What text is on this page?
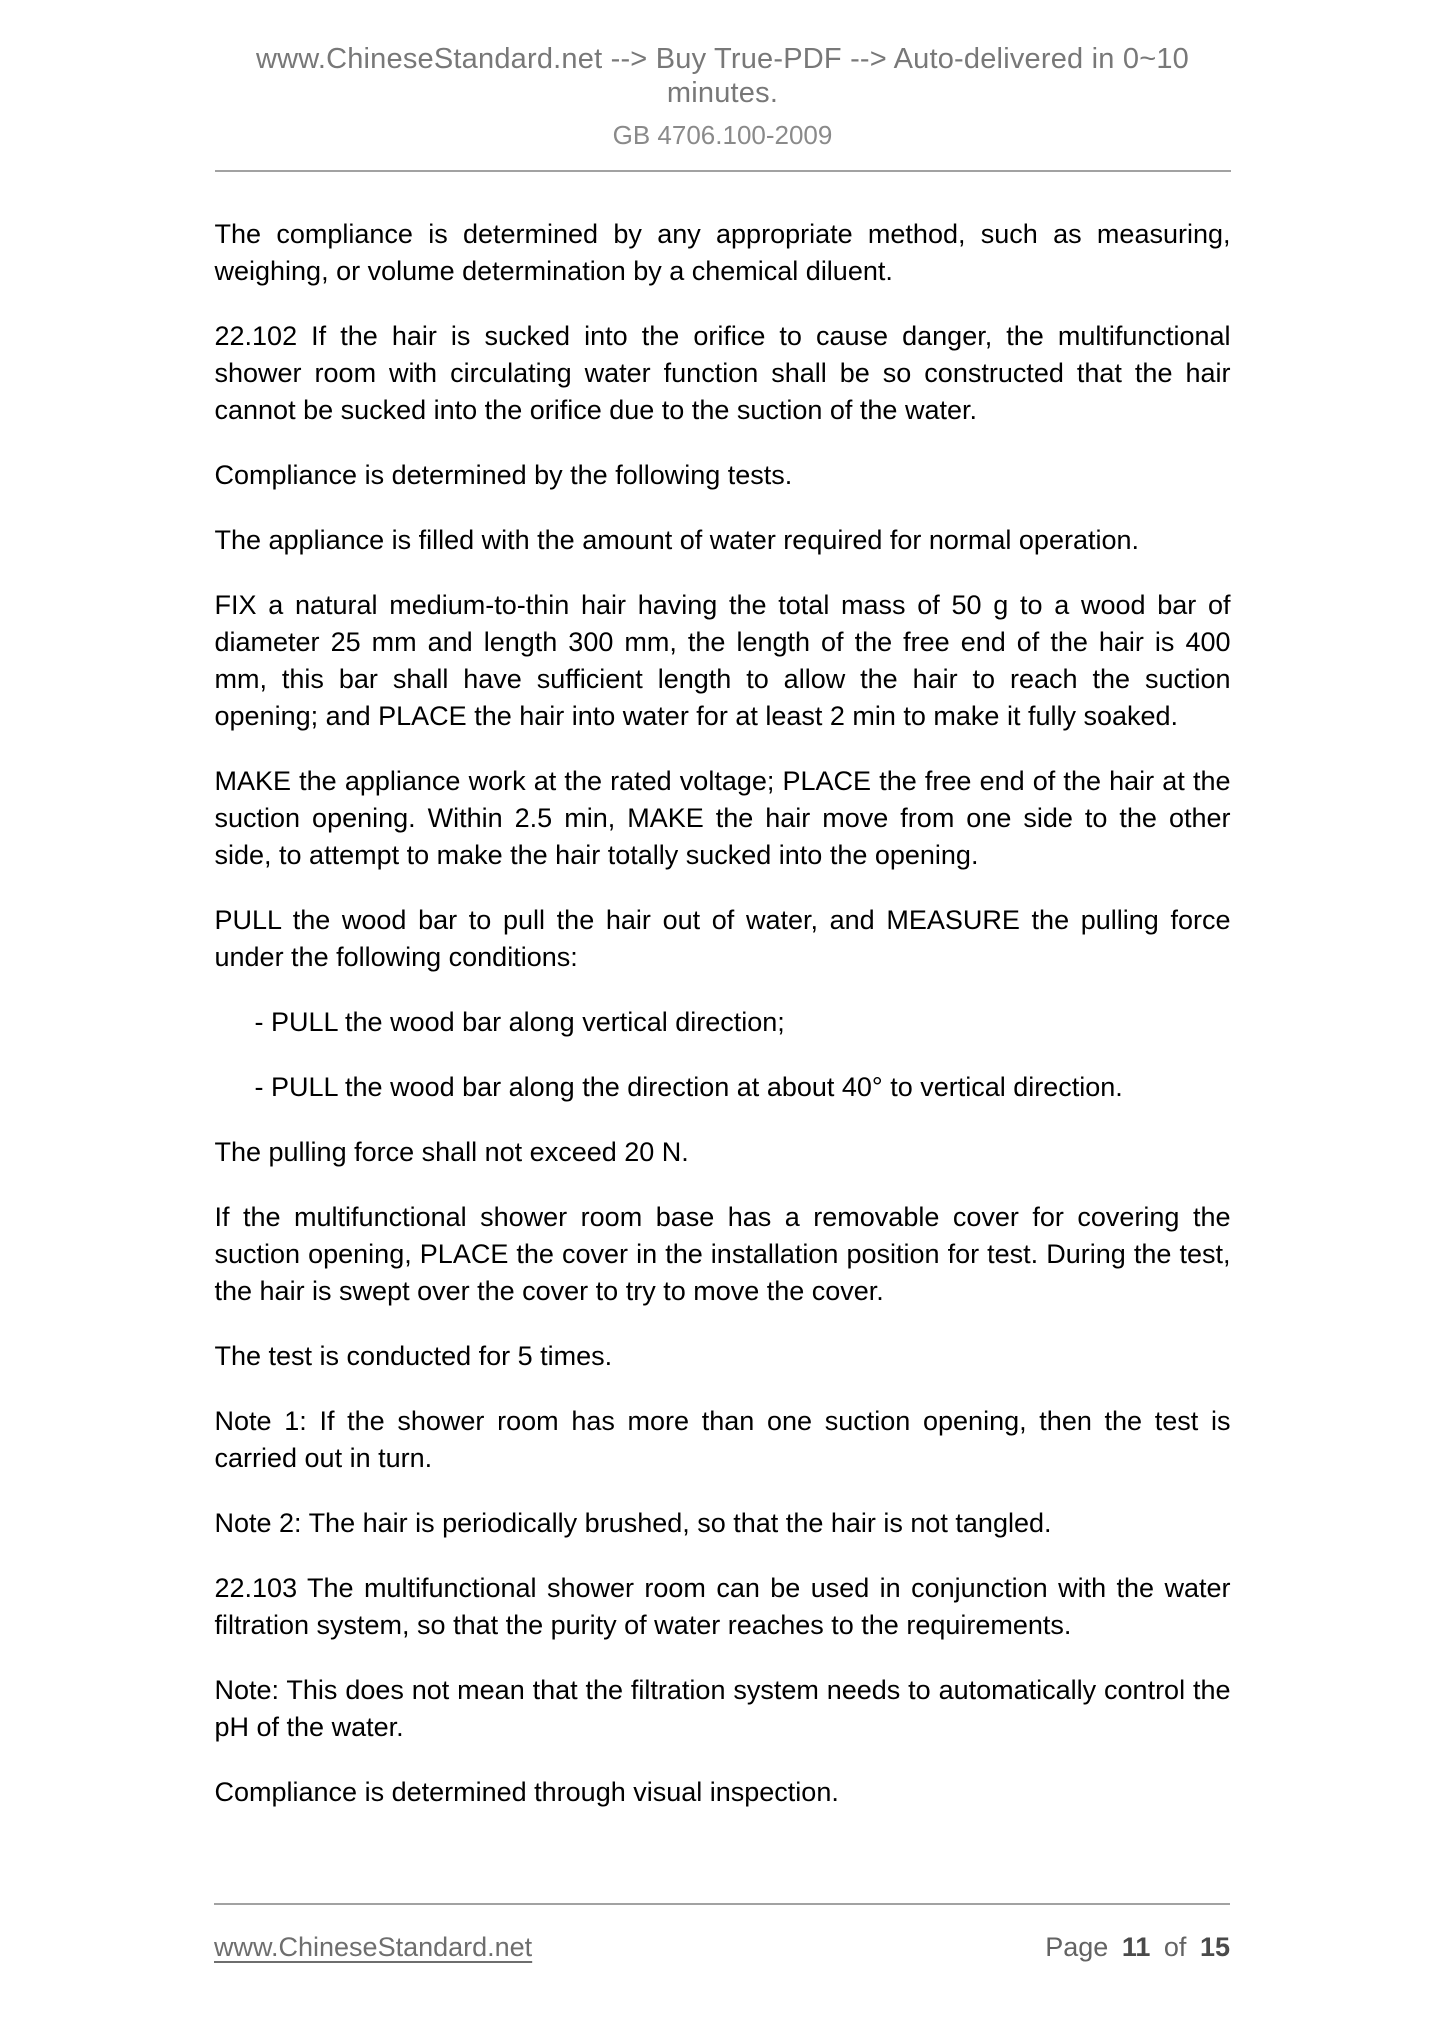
www.ChineseStandard.net --> Buy True-PDF --> Auto-delivered in 0~10 minutes.
GB 4706.100-2009

The compliance is determined by any appropriate method, such as measuring, weighing, or volume determination by a chemical diluent.

22.102 If the hair is sucked into the orifice to cause danger, the multifunctional shower room with circulating water function shall be so constructed that the hair cannot be sucked into the orifice due to the suction of the water.

Compliance is determined by the following tests.

The appliance is filled with the amount of water required for normal operation.

FIX a natural medium-to-thin hair having the total mass of 50 g to a wood bar of diameter 25 mm and length 300 mm, the length of the free end of the hair is 400 mm, this bar shall have sufficient length to allow the hair to reach the suction opening; and PLACE the hair into water for at least 2 min to make it fully soaked.

MAKE the appliance work at the rated voltage; PLACE the free end of the hair at the suction opening. Within 2.5 min, MAKE the hair move from one side to the other side, to attempt to make the hair totally sucked into the opening.

PULL the wood bar to pull the hair out of water, and MEASURE the pulling force under the following conditions:

- PULL the wood bar along vertical direction;

- PULL the wood bar along the direction at about 40° to vertical direction.

The pulling force shall not exceed 20 N.

If the multifunctional shower room base has a removable cover for covering the suction opening, PLACE the cover in the installation position for test. During the test, the hair is swept over the cover to try to move the cover.

The test is conducted for 5 times.

Note 1: If the shower room has more than one suction opening, then the test is carried out in turn.

Note 2: The hair is periodically brushed, so that the hair is not tangled.

22.103 The multifunctional shower room can be used in conjunction with the water filtration system, so that the purity of water reaches to the requirements.

Note: This does not mean that the filtration system needs to automatically control the pH of the water.

Compliance is determined through visual inspection.

www.ChineseStandard.net	Page 11 of 15
